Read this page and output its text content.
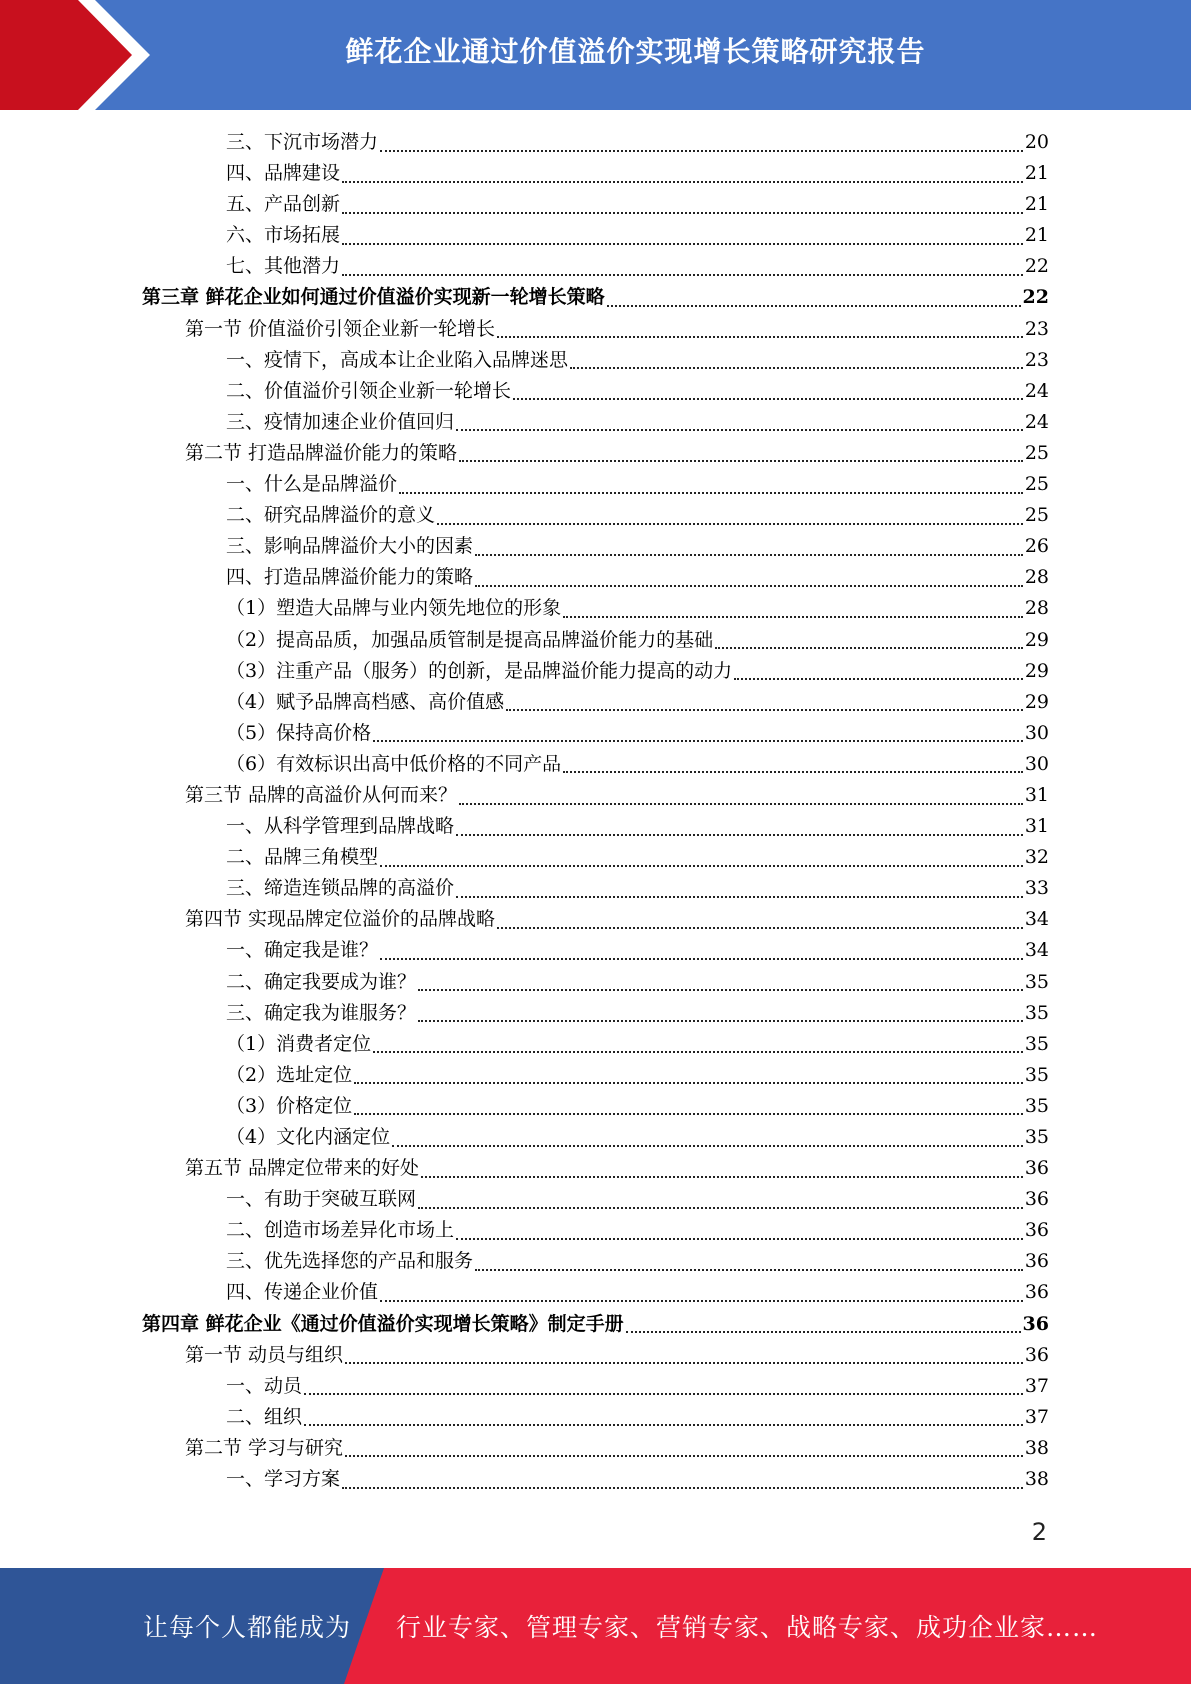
鲜花企业通过价值溢价实现增长策略研究报告
三、下沉市场潜力	20
四、品牌建设	21
五、产品创新	21
六、市场拓展	21
七、其他潜力	22
第三章 鲜花企业如何通过价值溢价实现新一轮增长策略	22
第一节 价值溢价引领企业新一轮增长	23
一、疫情下，高成本让企业陷入品牌迷思	23
二、价值溢价引领企业新一轮增长	24
三、疫情加速企业价值回归	24
第二节 打造品牌溢价能力的策略	25
一、什么是品牌溢价	25
二、研究品牌溢价的意义	25
三、影响品牌溢价大小的因素	26
四、打造品牌溢价能力的策略	28
（1）塑造大品牌与业内领先地位的形象	28
（2）提高品质，加强品质管制是提高品牌溢价能力的基础	29
（3）注重产品（服务）的创新，是品牌溢价能力提高的动力	29
（4）赋予品牌高档感、高价值感	29
（5）保持高价格	30
（6）有效标识出高中低价格的不同产品	30
第三节 品牌的高溢价从何而来？	31
一、从科学管理到品牌战略	31
二、品牌三角模型	32
三、缔造连锁品牌的高溢价	33
第四节 实现品牌定位溢价的品牌战略	34
一、确定我是谁？	34
二、确定我要成为谁？	35
三、确定我为谁服务？	35
（1）消费者定位	35
（2）选址定位	35
（3）价格定位	35
（4）文化内涵定位	35
第五节 品牌定位带来的好处	36
一、有助于突破互联网	36
二、创造市场差异化市场上	36
三、优先选择您的产品和服务	36
四、传递企业价值	36
第四章 鲜花企业《通过价值溢价实现增长策略》制定手册	36
第一节 动员与组织	36
一、动员	37
二、组织	37
第二节 学习与研究	38
一、学习方案	38
2
让每个人都能成为 行业专家、管理专家、营销专家、战略专家、成功企业家……
